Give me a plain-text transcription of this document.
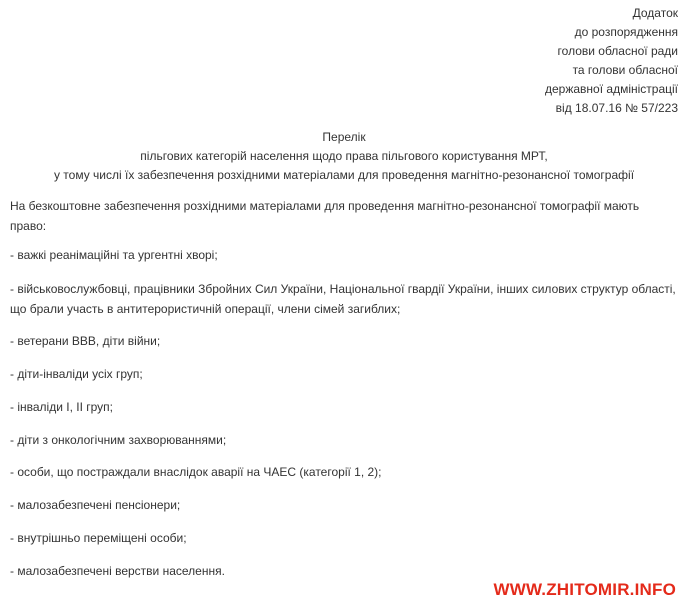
Додаток
до розпорядження
голови обласної ради
та голови обласної
державної адміністрації
від 18.07.16 № 57/223
Перелік
пільгових категорій населення щодо права пільгового користування МРТ,
у тому числі їх забезпечення розхідними матеріалами для проведення магнітно-резонансної томографії
На безкоштовне забезпечення розхідними матеріалами для проведення магнітно-резонансної томографії мають право:
- важкі реанімаційні та ургентні хворі;
- військовослужбовці, працівники Збройних Сил України, Національної гвардії України, інших силових структур області, що брали участь в антитерористичній операції, члени сімей загиблих;
- ветерани ВВВ, діти війни;
- діти-інваліди усіх груп;
- інваліди І, ІІ груп;
- діти з онкологічним захворюваннями;
- особи, що постраждали внаслідок аварії на ЧАЕС (категорії 1, 2);
- малозабезпечені пенсіонери;
- внутрішньо переміщені особи;
- малозабезпечені верстви населення.
WWW.ZHITOMIR.INFO
